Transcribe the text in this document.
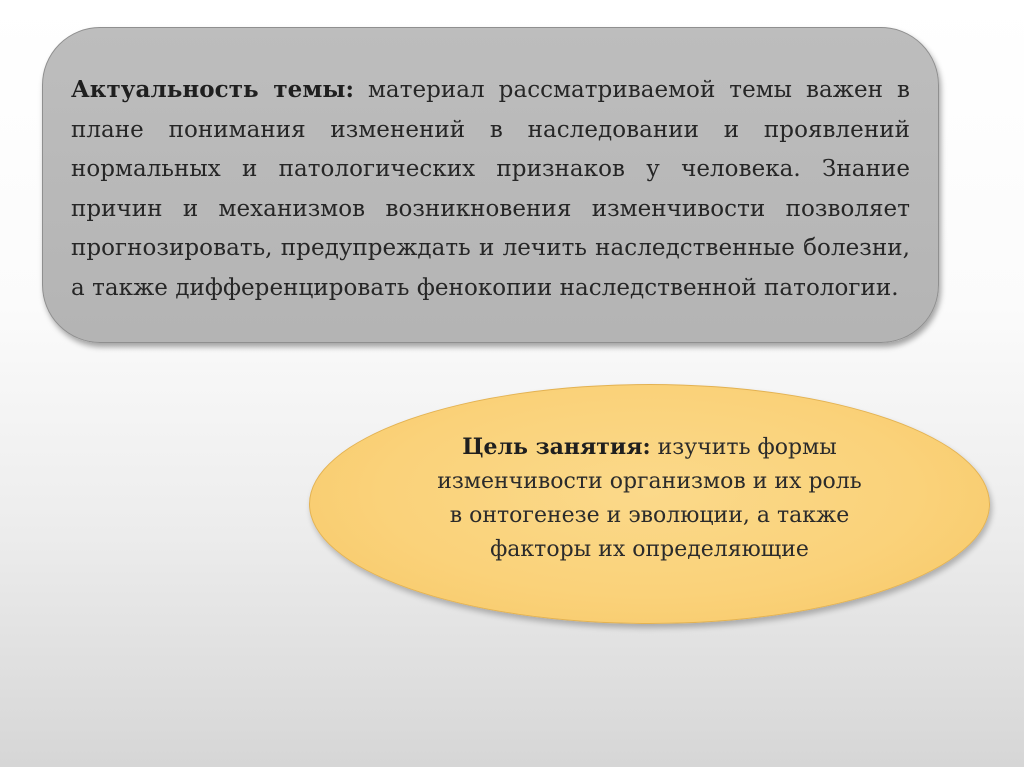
Актуальность темы: материал рассматриваемой темы важен в плане понимания изменений в наследовании и проявлений нормальных и патологических признаков у человека. Знание причин и механизмов возникновения изменчивости позволяет прогнозировать, предупреждать и лечить наследственные болезни, а также дифференцировать фенокопии наследственной патологии.

Цель занятия: изучить формы изменчивости организмов и их роль в онтогенезе и эволюции, а также факторы их определяющие
